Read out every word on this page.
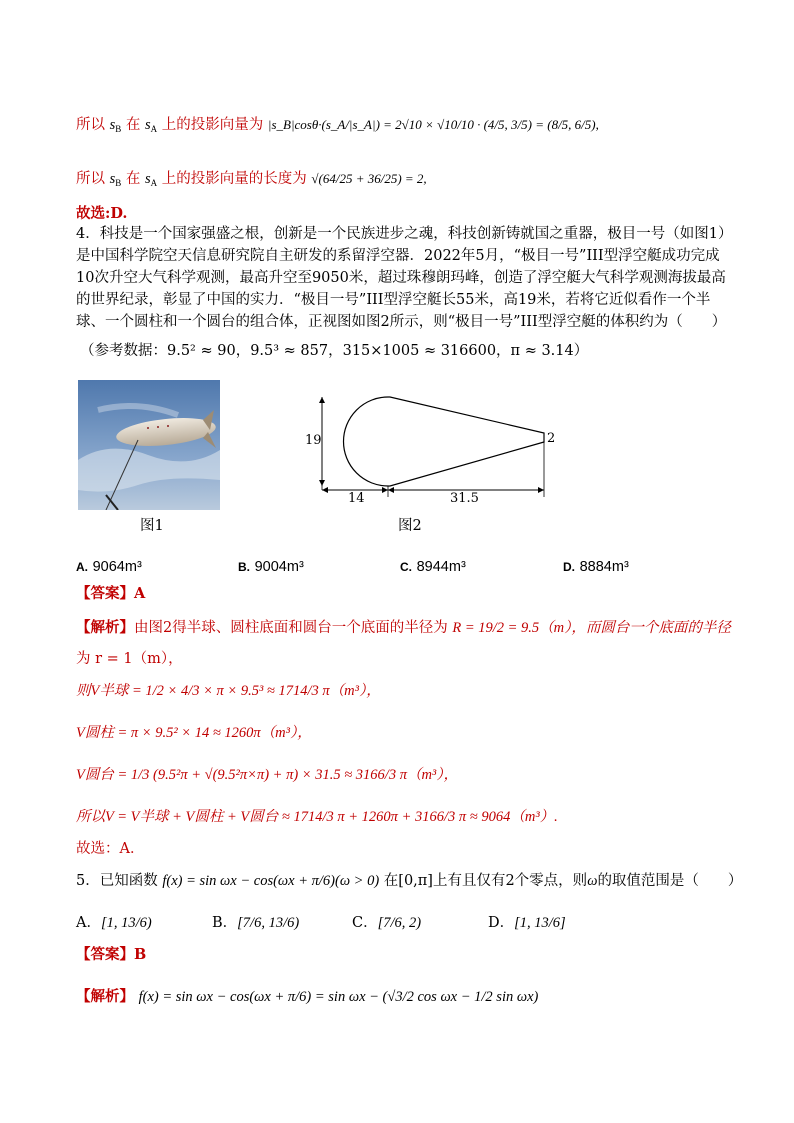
所以 $s_B$ 在 $s_A$ 上的投影向量为 |s_B|cosθ·(s_A/|s_A|) = 2√10 × √10/10 · (4/5, 3/5) = (8/5, 6/5),
所以 $s_B$ 在 $s_A$ 上的投影向量的长度为 √(64/25 + 36/25) = 2,
故选:D.
4．科技是一个国家强盛之根，创新是一个民族进步之魂，科技创新铸就国之重器，极目一号（如图1）是中国科学院空天信息研究院自主研发的系留浮空器．2022年5月，“极目一号”III型浮空艇成功完成10次升空大气科学观测，最高升空至9050米，超过珠穆朗玛峰，创造了浮空艇大气科学观测海拔最高的世界纪录，彰显了中国的实力．“极目一号”III型浮空艇长55米，高19米，若将它近似看作一个半球、一个圆柱和一个圆台的组合体，正视图如图2所示，则“极目一号”III型浮空艇的体积约为（　　）
（参考数据：9.5² ≈ 90，9.5³ ≈ 857，315×1005 ≈ 316600，π ≈ 3.14）
图1
19	2
14	31.5
图2
A. 9064m³	B. 9004m³	C. 8944m³	D. 8884m³
【答案】A
【解析】由图2得半球、圆柱底面和圆台一个底面的半径为 R = 19/2 = 9.5（m），而圆台一个底面的半径
为 r = 1（m），
则V半球 = 1/2 × 4/3 × π × 9.5³ ≈ 1714/3 π（m³），
V圆柱 = π × 9.5² × 14 ≈ 1260π（m³），
V圆台 = 1/3 (9.5²π + √(9.5²π×π) + π) × 31.5 ≈ 3166/3 π（m³），
所以V = V半球 + V圆柱 + V圆台 ≈ 1714/3 π + 1260π + 3166/3 π ≈ 9064（m³）.
故选：A．
5．已知函数 f(x) = sin ωx − cos(ωx + π/6)(ω > 0) 在[0,π]上有且仅有2个零点，则ω的取值范围是（　　）
A．[1, 13/6)	B．[7/6, 13/6)	C．[7/6, 2)	D．[1, 13/6]
【答案】B
【解析】 f(x) = sin ωx − cos(ωx + π/6) = sin ωx − (√3/2 cos ωx − 1/2 sin ωx)
